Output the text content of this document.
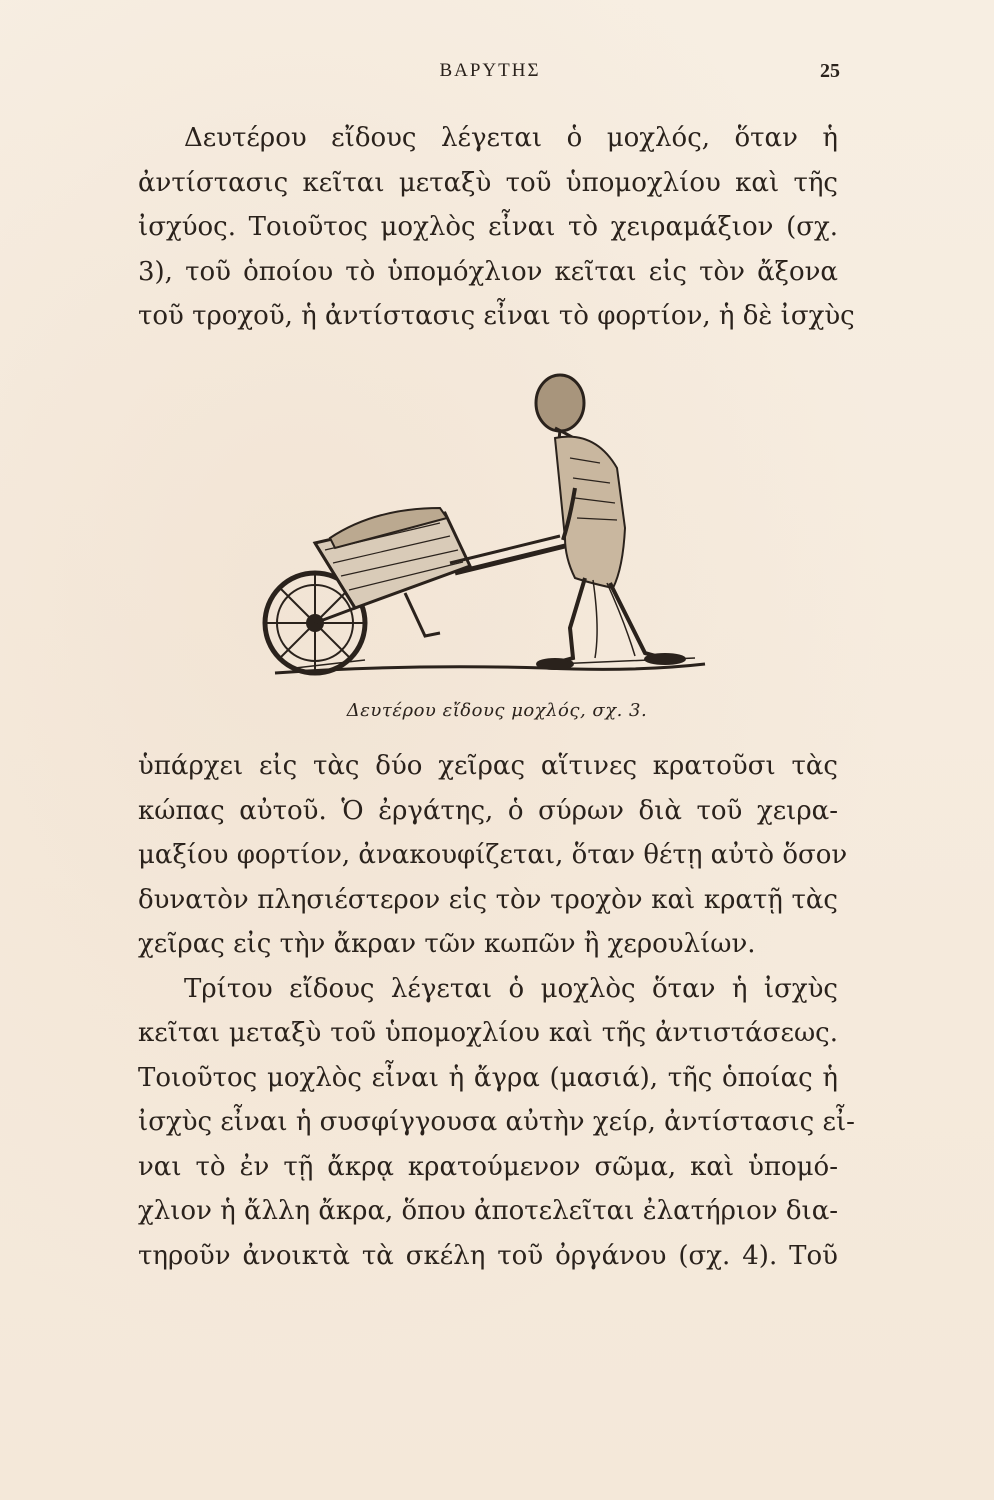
ΒΑΡΥΤΗΣ	25
Δευτέρου εἴδους λέγεται ὁ μοχλός, ὅταν ἡ
ἀντίστασις κεῖται μεταξὺ τοῦ ὑπομοχλίου καὶ τῆς
ἰσχύος. Τοιοῦτος μοχλὸς εἶναι τὸ χειραμάξιον (σχ.
3), τοῦ ὁποίου τὸ ὑπομόχλιον κεῖται εἰς τὸν ἄξονα
τοῦ τροχοῦ, ἡ ἀντίστασις εἶναι τὸ φορτίον, ἡ δὲ ἰσχὺς
Δευτέρου εἴδους μοχλός, σχ. 3.
ὑπάρχει εἰς τὰς δύο χεῖρας αἵτινες κρατοῦσι τὰς
κώπας αὐτοῦ. Ὁ ἐργάτης, ὁ σύρων διὰ τοῦ χειρα-
μαξίου φορτίον, ἀνακουφίζεται, ὅταν θέτῃ αὐτὸ ὅσον
δυνατὸν πλησιέστερον εἰς τὸν τροχὸν καὶ κρατῇ τὰς
χεῖρας εἰς τὴν ἄκραν τῶν κωπῶν ἢ χερουλίων.
Τρίτου εἴδους λέγεται ὁ μοχλὸς ὅταν ἡ ἰσχὺς
κεῖται μεταξὺ τοῦ ὑπομοχλίου καὶ τῆς ἀντιστάσεως.
Τοιοῦτος μοχλὸς εἶναι ἡ ἄγρα (μασιά), τῆς ὁποίας ἡ
ἰσχὺς εἶναι ἡ συσφίγγουσα αὐτὴν χείρ, ἀντίστασις εἶ-
ναι τὸ ἐν τῇ ἄκρᾳ κρατούμενον σῶμα, καὶ ὑπομό-
χλιον ἡ ἄλλη ἄκρα, ὅπου ἀποτελεῖται ἐλατήριον δια-
τηροῦν ἀνοικτὰ τὰ σκέλη τοῦ ὀργάνου (σχ. 4). Τοῦ
